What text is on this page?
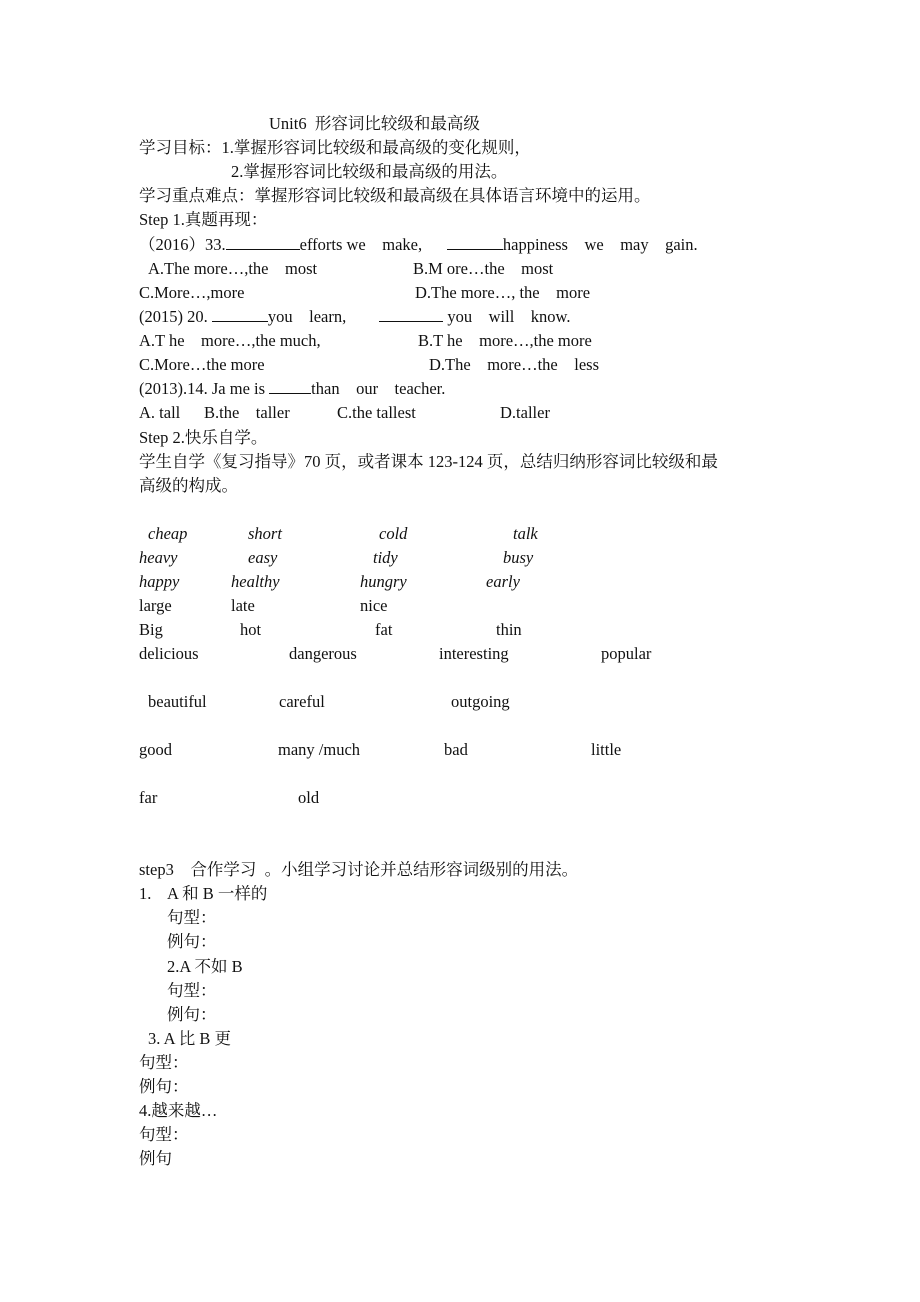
Unit6  形容词比较级和最高级
学习目标：1.掌握形容词比较级和最高级的变化规则，
2.掌握形容词比较级和最高级的用法。
学习重点难点：掌握形容词比较级和最高级在具体语言环境中的运用。
Step 1.真题再现：
（2016）33.	efforts we    make,	happiness    we    may    gain.
A.The more…,the    most	B.M ore…the    most
C.More…,more	D.The more…, the    more
(2015) 20.	you    learn,	you    will    know.
A.T he    more…,the much,	B.T he    more…,the more
C.More…the more	D.The    more…the    less
(2013).14. Ja me is	than    our    teacher.
A. tall B.the    taller	C.the tallest	D.taller
Step 2.快乐自学。
学生自学《复习指导》70 页，或者课本 123-124 页，总结归纳形容词比较级和最
高级的构成。
cheap	short	cold	talk
heavy	easy	tidy	busy
happy	healthy	hungry	early
large	late	nice
Big	hot	fat	thin
delicious	dangerous	interesting	popular
beautiful	careful	outgoing
good	many /much	bad	little
far	old
step3    合作学习  。小组学习讨论并总结形容词级别的用法。
1.    A 和 B 一样的
句型：
例句：
2.A 不如 B
句型：
例句：
3. A 比 B 更
句型：
例句：
4.越来越…
句型：
例句
